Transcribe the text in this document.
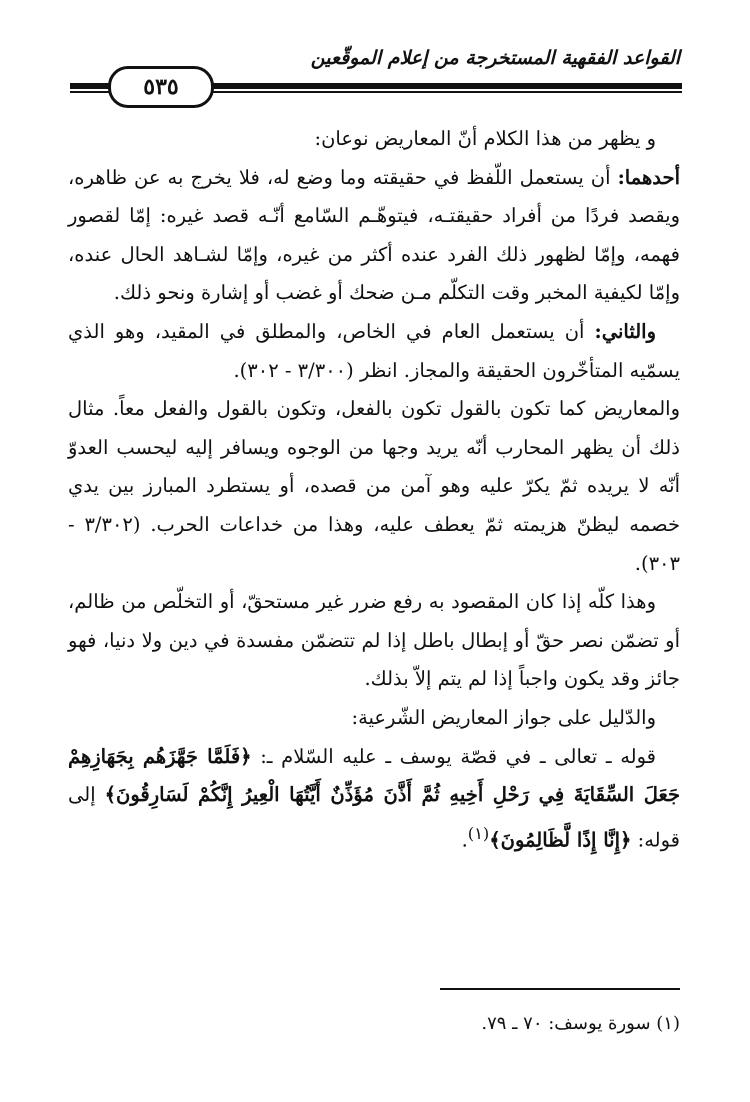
القواعد الفقهية المستخرجة من إعلام الموقّعين
٥٣٥

و يظهر من هذا الكلام أنّ المعاريض نوعان:

أحدهما: أن يستعمل اللّفظ في حقيقته وما وضع له، فلا يخرج به عن ظاهره، ويقصد فردًا من أفراد حقيقتـه، فيتوهّـم السّامع أنّـه قصد غيره: إمّا لقصور فهمه، وإمّا لظهور ذلك الفرد عنده أكثر من غيره، وإمّا لشـاهد الحال عنده، وإمّا لكيفية المخبر وقت التكلّم مـن ضحك أو غضب أو إشارة ونحو ذلك.

والثاني: أن يستعمل العام في الخاص، والمطلق في المقيد، وهو الذي يسمّيه المتأخّرون الحقيقة والمجاز. انظر (٣/٣٠٠ - ٣٠٢).

والمعاريض كما تكون بالقول تكون بالفعل، وتكون بالقول والفعل معاً. مثال ذلك أن يظهر المحارب أنّه يريد وجها من الوجوه ويسافر إليه ليحسب العدوّ أنّه لا يريده ثمّ يكرّ عليه وهو آمن من قصده، أو يستطرد المبارز بين يدي خصمه ليظنّ هزيمته ثمّ يعطف عليه، وهذا من خداعات الحرب. (٣/٣٠٢ - ٣٠٣).

وهذا كلّه إذا كان المقصود به رفع ضرر غير مستحقّ، أو التخلّص من ظالم، أو تضمّن نصر حقّ أو إبطال باطل إذا لم تتضمّن مفسدة في دين ولا دنيا، فهو جائز وقد يكون واجباً إذا لم يتم إلاّ بذلك.

والدّليل على جواز المعاريض الشّرعية:

قوله ـ تعالى ـ في قصّة يوسف ـ عليه السّلام ـ: ﴿فَلَمَّا جَهَّزَهُم بِجَهَازِهِمْ جَعَلَ السِّقَايَةَ فِي رَحْلِ أَخِيهِ ثُمَّ أَذَّنَ مُؤَذِّنٌ أَيَّتُهَا الْعِيرُ إِنَّكُمْ لَسَارِقُونَ﴾ إلى قوله: ﴿إِنَّا إِذًا لَّظَالِمُونَ﴾$^{(١)}$.

(١) سورة يوسف: ٧٠ ـ ٧٩.
